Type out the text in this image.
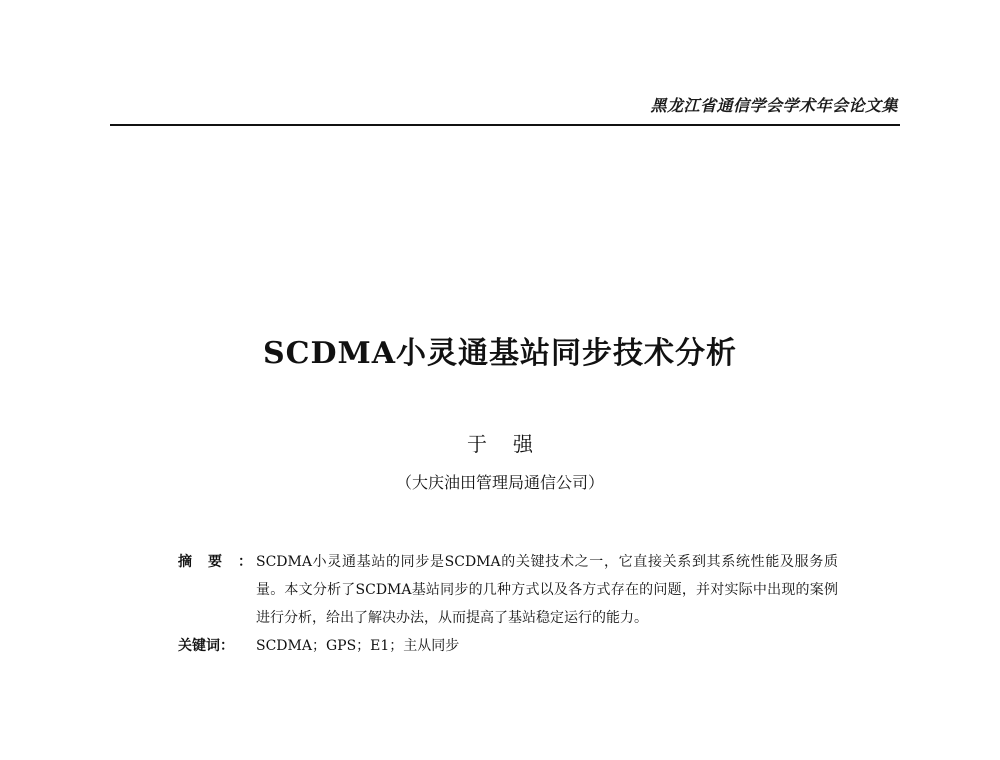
黑龙江省通信学会学术年会论文集
SCDMA小灵通基站同步技术分析
于强
（大庆油田管理局通信公司）
摘要： SCDMA小灵通基站的同步是SCDMA的关键技术之一，它直接关系到其系统性能及服务质量。本文分析了SCDMA基站同步的几种方式以及各方式存在的问题，并对实际中出现的案例进行分析，给出了解决办法，从而提高了基站稳定运行的能力。
关键词：	SCDMA；GPS；E1；主从同步
